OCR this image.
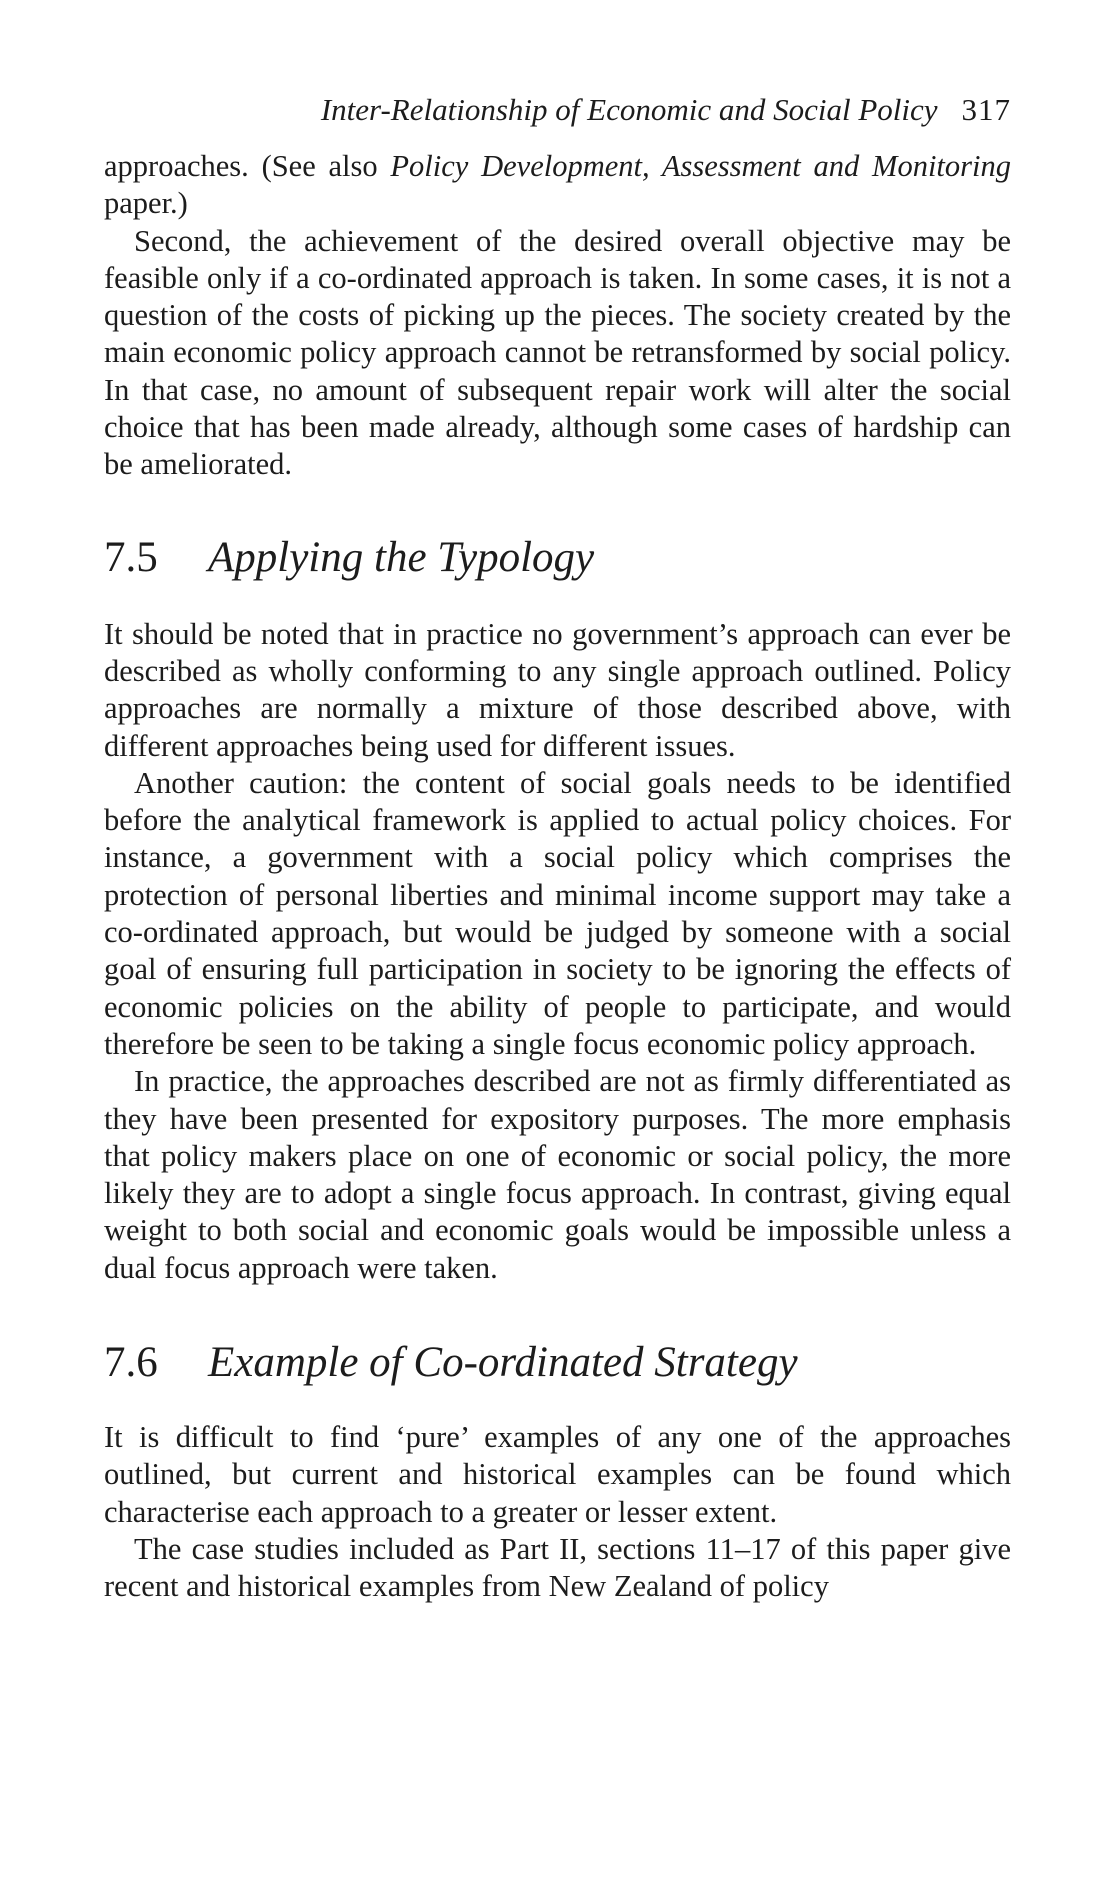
Inter-Relationship of Economic and Social Policy 317

approaches. (See also Policy Development, Assessment and Monitoring paper.)

Second, the achievement of the desired overall objective may be feasible only if a co-ordinated approach is taken. In some cases, it is not a question of the costs of picking up the pieces. The society created by the main economic policy approach cannot be retransformed by social policy. In that case, no amount of subsequent repair work will alter the social choice that has been made already, although some cases of hardship can be ameliorated.

7.5	Applying the Typology

It should be noted that in practice no government’s approach can ever be described as wholly conforming to any single approach outlined. Policy approaches are normally a mixture of those described above, with different approaches being used for different issues.

Another caution: the content of social goals needs to be identified before the analytical framework is applied to actual policy choices. For instance, a government with a social policy which comprises the protection of personal liberties and minimal income support may take a co-ordinated approach, but would be judged by someone with a social goal of ensuring full participation in society to be ignoring the effects of economic policies on the ability of people to participate, and would therefore be seen to be taking a single focus economic policy approach.

In practice, the approaches described are not as firmly differentiated as they have been presented for expository purposes. The more emphasis that policy makers place on one of economic or social policy, the more likely they are to adopt a single focus approach. In contrast, giving equal weight to both social and economic goals would be impossible unless a dual focus approach were taken.

7.6	Example of Co-ordinated Strategy

It is difficult to find ‘pure’ examples of any one of the approaches outlined, but current and historical examples can be found which characterise each approach to a greater or lesser extent.

The case studies included as Part II, sections 11–17 of this paper give recent and historical examples from New Zealand of policy
